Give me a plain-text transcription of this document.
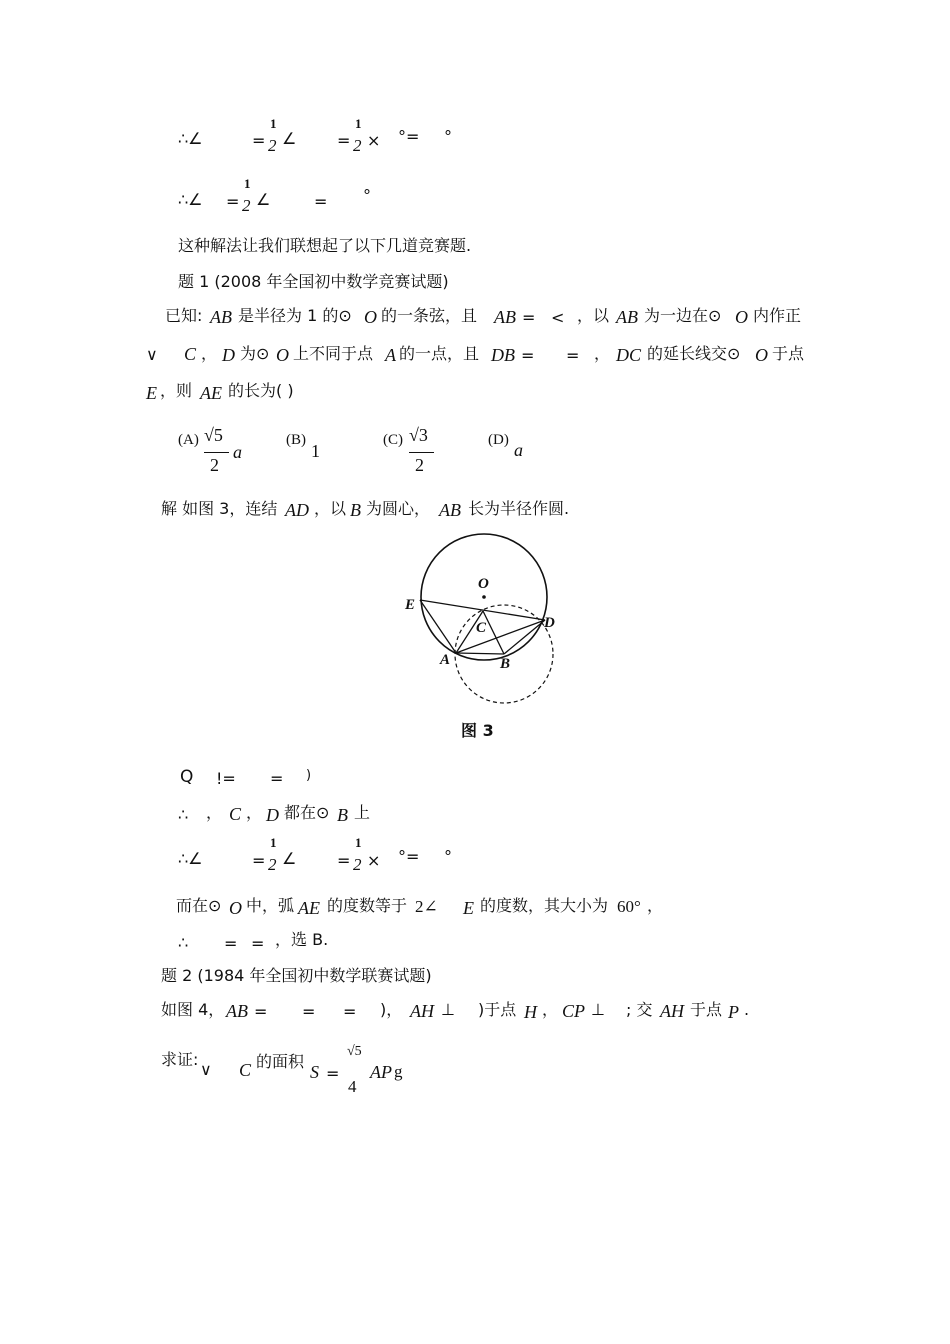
∴∠	=
1
2 ∠	=
1
2 × °= °
∴∠ =
1
2 ∠	= °
这种解法让我们联想起了以下几道竞赛题.
题 1 (2008 年全国初中数学竞赛试题)
已知: AB 是半径为 1 的⊙ O 的一条弦，且 AB = < ，以 AB 为一边在⊙ O 内作正
∨ C ， D 为⊙ O 上不同于点 A 的一点，且 DB = = ， DC 的延长线交⊙ O 于点
E ，则 AE 的长为( )
(A) √5
2
a
(B)
1
(C) √3
2
(D) a
解 如图 3，连结 AD ，以 B 为圆心， AB 长为半径作圆.
O
E
C	D
A	B
图 3
Q != = )
∴ ， C ， D 都在⊙ B 上
∴∠	=
1
2 ∠	=
1
2 × °= °
而在⊙ O 中，弧 AE 的度数等于 2∠ E 的度数，其大小为 60° ，
∴ = = ，选 B.
题 2 (1984 年全国初中数学联赛试题)
如图 4， AB = = = )， AH ⊥ )于点 H ， CP ⊥ ; 交 AH 于点 P .
求证:
∨ C 的面积
S =
√5
4
AP g
